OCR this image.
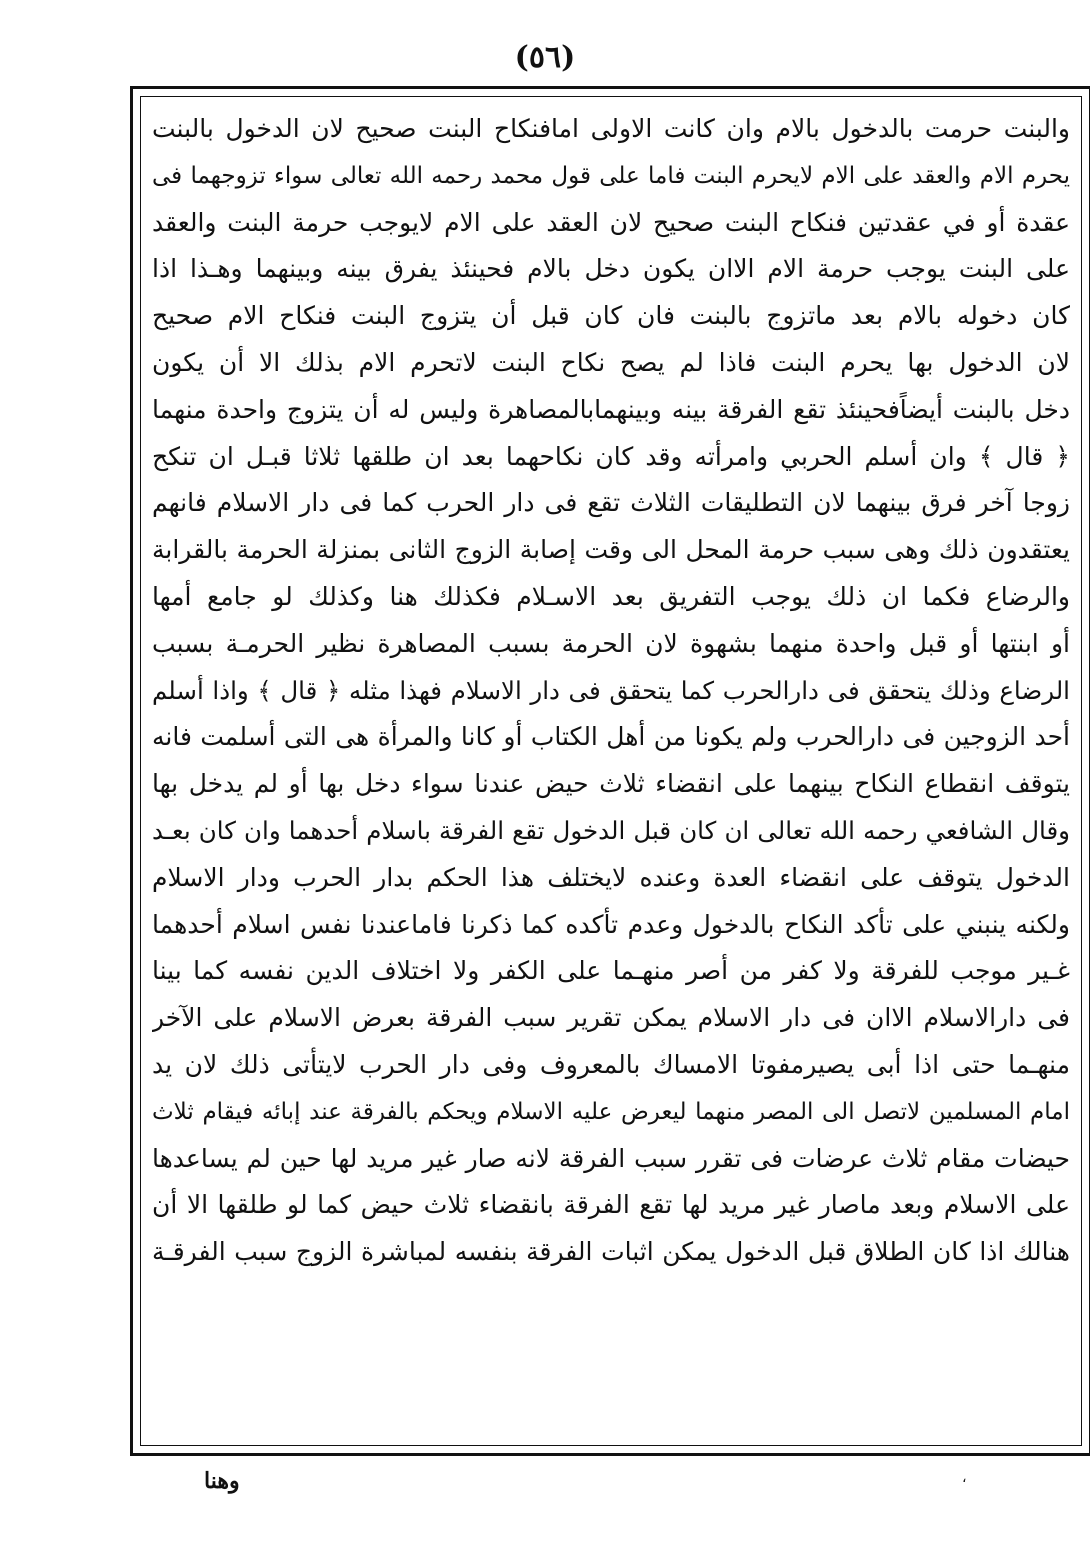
(٥٦)
والبنت حرمت بالدخول بالام وان كانت الاولى امافنكاح البنت صحيح لان الدخول بالبنت
يحرم الام والعقد على الام لايحرم البنت فاما على قول محمد رحمه الله تعالى سواء تزوجهما فى
عقدة أو في عقدتين فنكاح البنت صحيح لان العقد على الام لايوجب حرمة البنت والعقد
على البنت يوجب حرمة الام الاان يكون دخل بالام فحينئذ يفرق بينه وبينهما وهـذا اذا
كان دخوله بالام بعد ماتزوج بالبنت فان كان قبل أن يتزوج البنت فنكاح الام صحيح
لان الدخول بها يحرم البنت فاذا لم يصح نكاح البنت لاتحرم الام بذلك الا أن يكون
دخل بالبنت أيضاًفحينئذ تقع الفرقة بينه وبينهمابالمصاهرة وليس له أن يتزوج واحدة منهما
﴿ قال ﴾ وان أسلم الحربي وامرأته وقد كان نكاحهما بعد ان طلقها ثلاثا قبـل ان تنكح
زوجا آخر فرق بينهما لان التطليقات الثلاث تقع فى دار الحرب كما فى دار الاسلام فانهم
يعتقدون ذلك وهى سبب حرمة المحل الى وقت إصابة الزوج الثانى بمنزلة الحرمة بالقرابة
والرضاع فكما ان ذلك يوجب التفريق بعد الاسـلام فكذلك هنا وكذلك لو جامع أمها
أو ابنتها أو قبل واحدة منهما بشهوة لان الحرمة بسبب المصاهرة نظير الحرمـة بسبب
الرضاع وذلك يتحقق فى دارالحرب كما يتحقق فى دار الاسلام فهذا مثله ﴿ قال ﴾ واذا أسلم
أحد الزوجين فى دارالحرب ولم يكونا من أهل الكتاب أو كانا والمرأة هى التى أسلمت فانه
يتوقف انقطاع النكاح بينهما على انقضاء ثلاث حيض عندنا سواء دخل بها أو لم يدخل بها
وقال الشافعي رحمه الله تعالى ان كان قبل الدخول تقع الفرقة باسلام أحدهما وان كان بعـد
الدخول يتوقف على انقضاء العدة وعنده لايختلف هذا الحكم بدار الحرب ودار الاسلام
ولكنه ينبني على تأكد النكاح بالدخول وعدم تأكده كما ذكرنا فاماعندنا نفس اسلام أحدهما
غـير موجب للفرقة ولا كفر من أصر منهـما على الكفر ولا اختلاف الدين نفسه كما بينا
فى دارالاسلام الاان فى دار الاسلام يمكن تقرير سبب الفرقة بعرض الاسلام على الآخر
منهـما حتى اذا أبى يصيرمفوتا الامساك بالمعروف وفى دار الحرب لايتأتى ذلك لان يد
امام المسلمين لاتصل الى المصر منهما ليعرض عليه الاسلام ويحكم بالفرقة عند إبائه فيقام ثلاث
حيضات مقام ثلاث عرضات فى تقرر سبب الفرقة لانه صار غير مريد لها حين لم يساعدها
على الاسلام وبعد ماصار غير مريد لها تقع الفرقة بانقضاء ثلاث حيض كما لو طلقها الا أن
هنالك اذا كان الطلاق قبل الدخول يمكن اثبات الفرقة بنفسه لمباشرة الزوج سبب الفرقـة
وهنا	،
